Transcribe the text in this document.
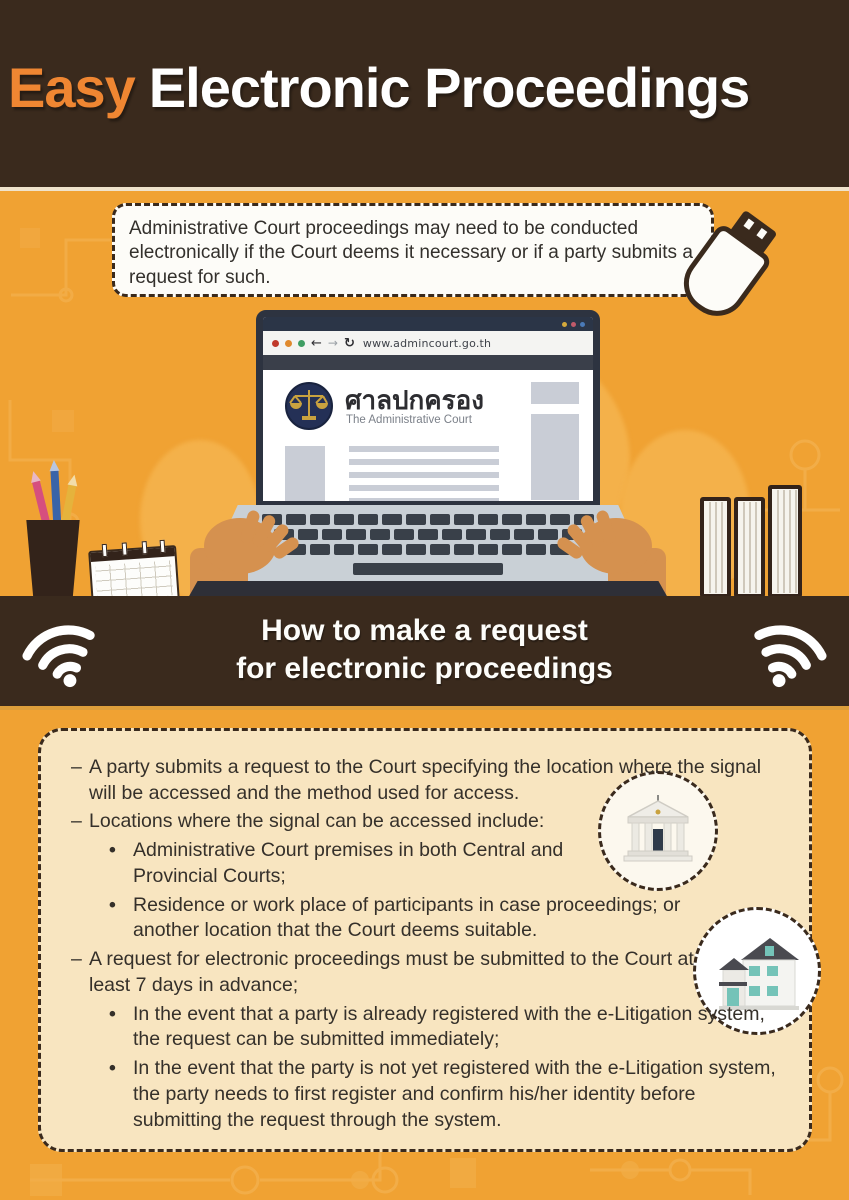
Easy Electronic Proceedings
Administrative Court proceedings may need to be conducted electronically if the Court deems it necessary or if a party submits a request for such.
← → ↻ www.admincourt.go.th
ศาลปกครอง
The Administrative Court
How to make a request
for electronic proceedings
– A party submits a request to the Court specifying the location where the signal will be accessed and the method used for access.
– Locations where the signal can be accessed include:
• Administrative Court premises in both Central and Provincial Courts;
• Residence or work place of participants in case proceedings; or another location that the Court deems suitable.
– A request for electronic proceedings must be submitted to the Court at least 7 days in advance;
• In the event that a party is already registered with the e-Litigation system, the request can be submitted immediately;
• In the event that the party is not yet registered with the e-Litigation system, the party needs to first register and confirm his/her identity before submitting the request through the system.
